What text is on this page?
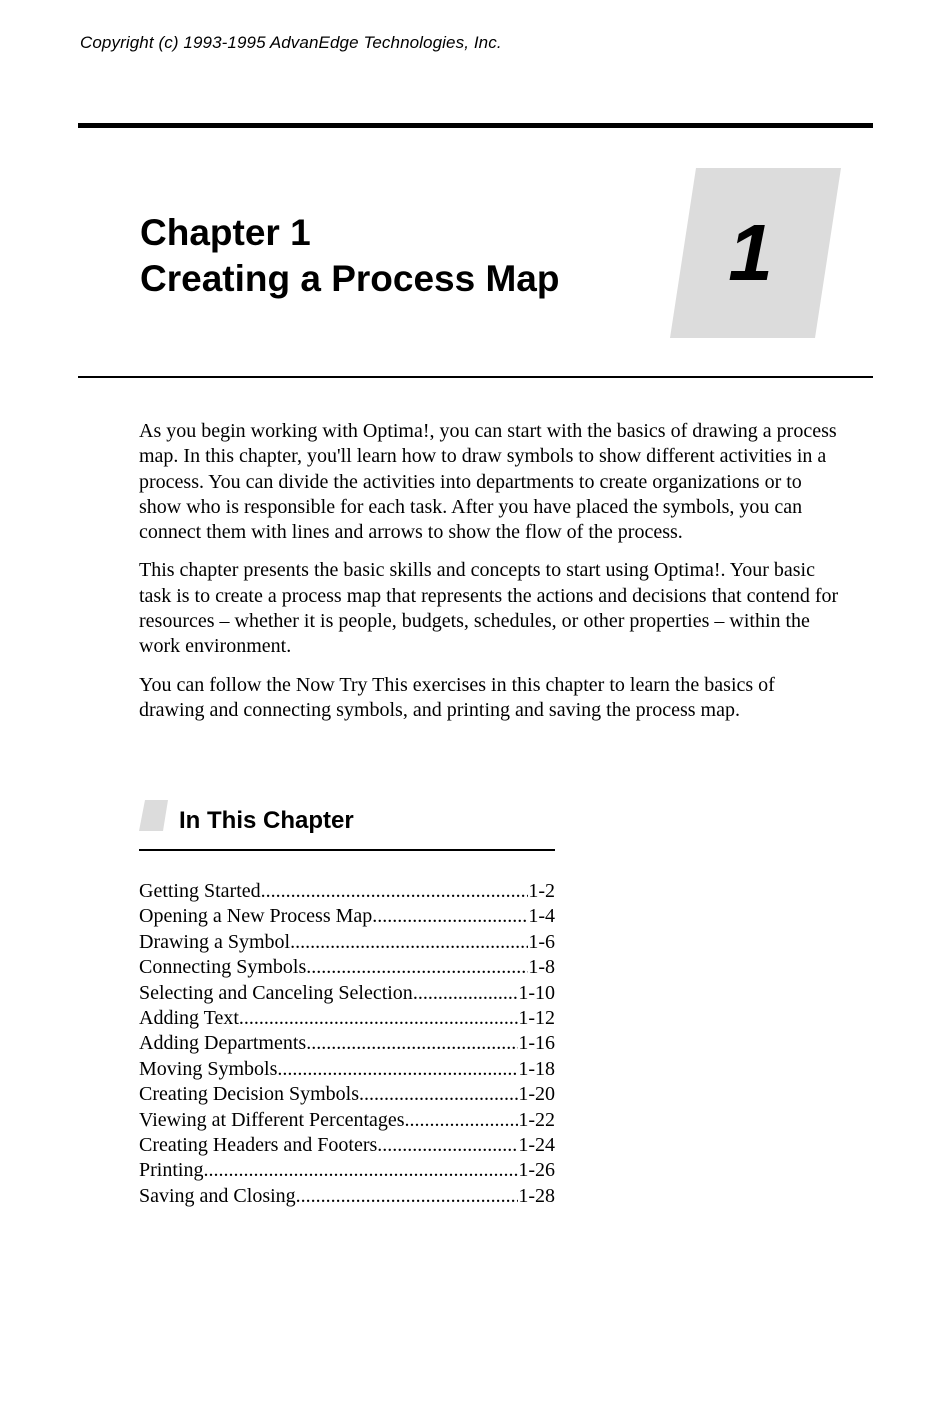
Copyright (c) 1993-1995 AdvanEdge Technologies, Inc.
Chapter 1
Creating a Process Map	1

As you begin working with Optima!, you can start with the basics of drawing a process map. In this chapter, you'll learn how to draw symbols to show different activities in a process. You can divide the activities into departments to create organizations or to show who is responsible for each task. After you have placed the symbols, you can connect them with lines and arrows to show the flow of the process.

This chapter presents the basic skills and concepts to start using Optima!. Your basic task is to create a process map that represents the actions and decisions that contend for resources – whether it is people, budgets, schedules, or other properties – within the work environment.

You can follow the Now Try This exercises in this chapter to learn the basics of drawing and connecting symbols, and printing and saving the process map.

In This Chapter
Getting Started .....	1-2
Opening a New Process Map .....	1-4
Drawing a Symbol .....	1-6
Connecting Symbols .....	1-8
Selecting and Canceling Selection .....	1-10
Adding Text .....	1-12
Adding Departments .....	1-16
Moving Symbols .....	1-18
Creating Decision Symbols .....	1-20
Viewing at Different Percentages .....	1-22
Creating Headers and Footers .....	1-24
Printing .....	1-26
Saving and Closing .....	1-28
